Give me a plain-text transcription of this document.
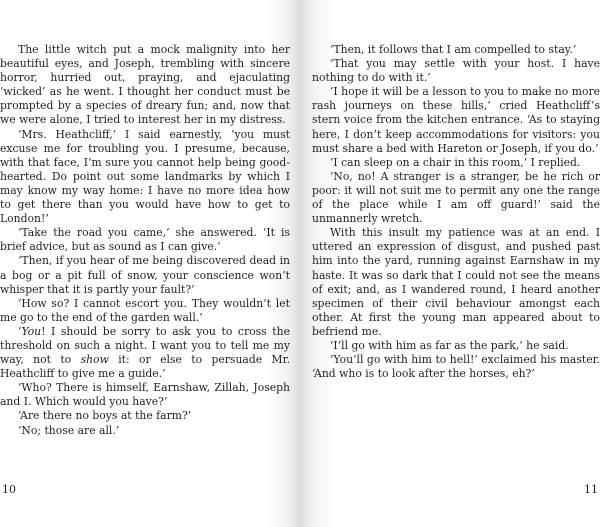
The little witch put a mock malignity into her beautiful eyes, and Joseph, trembling with sincere horror, hurried out, praying, and ejaculating ‘wicked’ as he went. I thought her conduct must be prompted by a species of dreary fun; and, now that we were alone, I tried to interest her in my distress.

‘Mrs. Heathcliff,’ I said earnestly, ‘you must excuse me for troubling you. I presume, because, with that face, I’m sure you cannot help being good-hearted. Do point out some landmarks by which I may know my way home: I have no more idea how to get there than you would have how to get to London!’

‘Take the road you came,’ she answered. ‘It is brief advice, but as sound as I can give.’

‘Then, if you hear of me being discovered dead in a bog or a pit full of snow, your conscience won’t whisper that it is partly your fault?’

‘How so? I cannot escort you. They wouldn’t let me go to the end of the garden wall.’

‘You! I should be sorry to ask you to cross the threshold on such a night. I want you to tell me my way, not to show it: or else to persuade Mr. Heathcliff to give me a guide.’

‘Who? There is himself, Earnshaw, Zillah, Joseph and I. Which would you have?’

‘Are there no boys at the farm?’

‘No; those are all.’

10

‘Then, it follows that I am compelled to stay.’

‘That you may settle with your host. I have nothing to do with it.’

‘I hope it will be a lesson to you to make no more rash journeys on these hills,’ cried Heathcliff’s stern voice from the kitchen entrance. ‘As to staying here, I don’t keep accommodations for visitors: you must share a bed with Hareton or Joseph, if you do.’

‘I can sleep on a chair in this room,’ I replied.

‘No, no! A stranger is a stranger, be he rich or poor: it will not suit me to permit any one the range of the place while I am off guard!’ said the unmannerly wretch.

With this insult my patience was at an end. I uttered an expression of disgust, and pushed past him into the yard, running against Earnshaw in my haste. It was so dark that I could not see the means of exit; and, as I wandered round, I heard another specimen of their civil behaviour amongst each other. At first the young man appeared about to befriend me.

‘I’ll go with him as far as the park,’ he said.

‘You’ll go with him to hell!’ exclaimed his master. ‘And who is to look after the horses, eh?’

11
